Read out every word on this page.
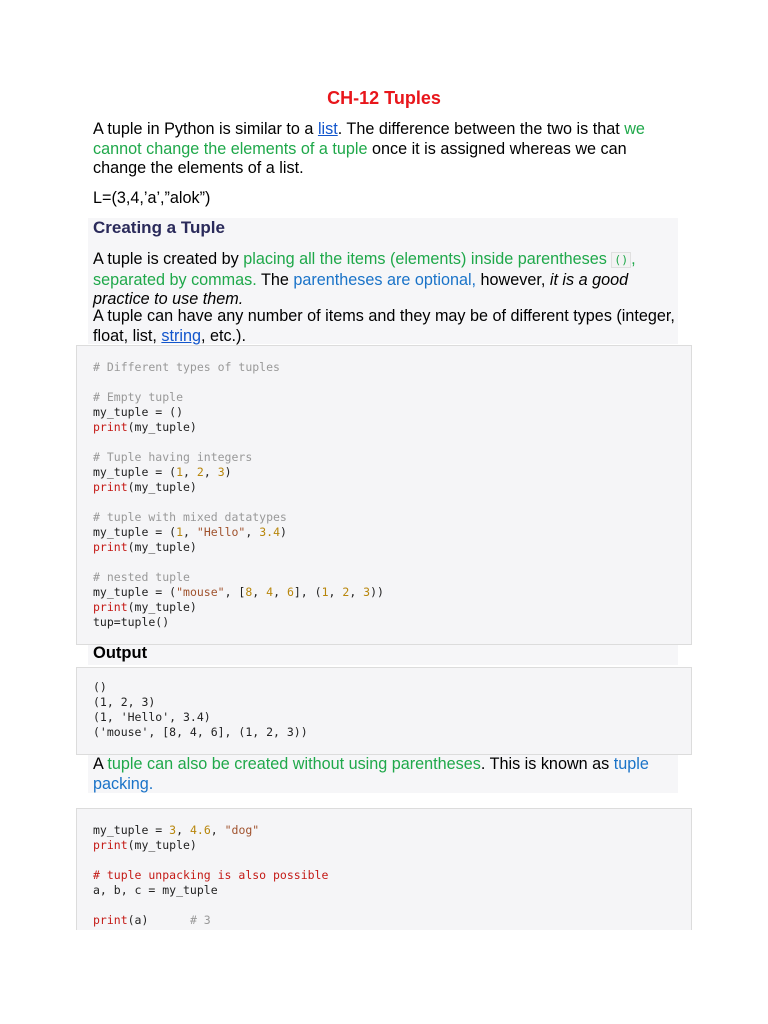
CH-12 Tuples

A tuple in Python is similar to a list. The difference between the two is that we cannot change the elements of a tuple once it is assigned whereas we can change the elements of a list.

L=(3,4,’a’,”alok”)

Creating a Tuple

A tuple is created by placing all the items (elements) inside parentheses () , separated by commas. The parentheses are optional, however, it is a good practice to use them.

A tuple can have any number of items and they may be of different types (integer, float, list, string, etc.).

# Different types of tuples

# Empty tuple
my_tuple = ()
print(my_tuple)

# Tuple having integers
my_tuple = (1, 2, 3)
print(my_tuple)

# tuple with mixed datatypes
my_tuple = (1, "Hello", 3.4)
print(my_tuple)

# nested tuple
my_tuple = ("mouse", [8, 4, 6], (1, 2, 3))
print(my_tuple)
tup=tuple()
Output
()
(1, 2, 3)
(1, 'Hello', 3.4)
('mouse', [8, 4, 6], (1, 2, 3))

A tuple can also be created without using parentheses. This is known as tuple packing.

my_tuple = 3, 4.6, "dog"
print(my_tuple)

# tuple unpacking is also possible
a, b, c = my_tuple

print(a)	# 3
